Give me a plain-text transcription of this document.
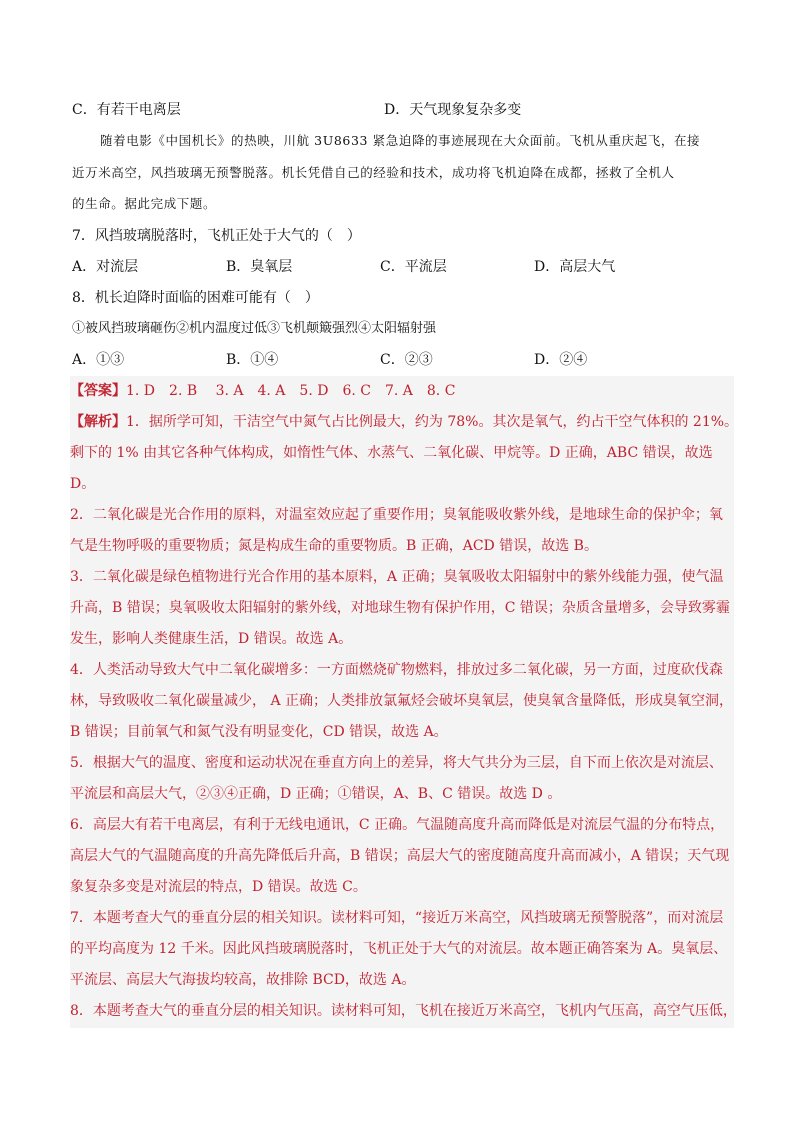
C．有若干电离层	D．天气现象复杂多变
随着电影《中国机长》的热映，川航 3U8633 紧急迫降的事迹展现在大众面前。飞机从重庆起飞，在接
近万米高空，风挡玻璃无预警脱落。机长凭借自己的经验和技术，成功将飞机迫降在成都，拯救了全机人
的生命。据此完成下题。
7．风挡玻璃脱落时，飞机正处于大气的（　）
A．对流层	B．臭氧层	C．平流层	D．高层大气
8．机长迫降时面临的困难可能有（　）
①被风挡玻璃砸伤②机内温度过低③飞机颠簸强烈④太阳辐射强
A．①③	B．①④	C．②③	D．②④
【答案】1. D　2. B　 3. A　4. A　5. D　6. C　7. A　8. C
【解析】1．据所学可知，干洁空气中氮气占比例最大，约为 78%。其次是氧气，约占干空气体积的 21%。
剩下的 1% 由其它各种气体构成，如惰性气体、水蒸气、二氧化碳、甲烷等。D 正确，ABC 错误，故选
D。
2．二氧化碳是光合作用的原料，对温室效应起了重要作用；臭氧能吸收紫外线，是地球生命的保护伞；氧
气是生物呼吸的重要物质；氮是构成生命的重要物质。B 正确，ACD 错误，故选 B。
3．二氧化碳是绿色植物进行光合作用的基本原料，A 正确；臭氧吸收太阳辐射中的紫外线能力强，使气温
升高，B 错误；臭氧吸收太阳辐射的紫外线，对地球生物有保护作用，C 错误；杂质含量增多，会导致雾霾
发生，影响人类健康生活，D 错误。故选 A。
4．人类活动导致大气中二氧化碳增多：一方面燃烧矿物燃料，排放过多二氧化碳，另一方面，过度砍伐森
林，导致吸收二氧化碳量减少， A 正确；人类排放氯氟烃会破坏臭氧层，使臭氧含量降低，形成臭氧空洞，
B 错误；目前氧气和氮气没有明显变化，CD 错误，故选 A。
5．根据大气的温度、密度和运动状况在垂直方向上的差异，将大气共分为三层，自下而上依次是对流层、
平流层和高层大气，②③④正确，D 正确；①错误，A、B、C 错误。故选 D 。
6．高层大有若干电离层，有利于无线电通讯，C 正确。气温随高度升高而降低是对流层气温的分布特点，
高层大气的气温随高度的升高先降低后升高，B 错误；高层大气的密度随高度升高而减小，A 错误；天气现
象复杂多变是对流层的特点，D 错误。故选 C。
7．本题考查大气的垂直分层的相关知识。读材料可知，“接近万米高空，风挡玻璃无预警脱落”，而对流层
的平均高度为 12 千米。因此风挡玻璃脱落时，飞机正处于大气的对流层。故本题正确答案为 A。臭氧层、
平流层、高层大气海拔均较高，故排除 BCD，故选 A。
8．本题考查大气的垂直分层的相关知识。读材料可知，飞机在接近万米高空，飞机内气压高，高空气压低，
